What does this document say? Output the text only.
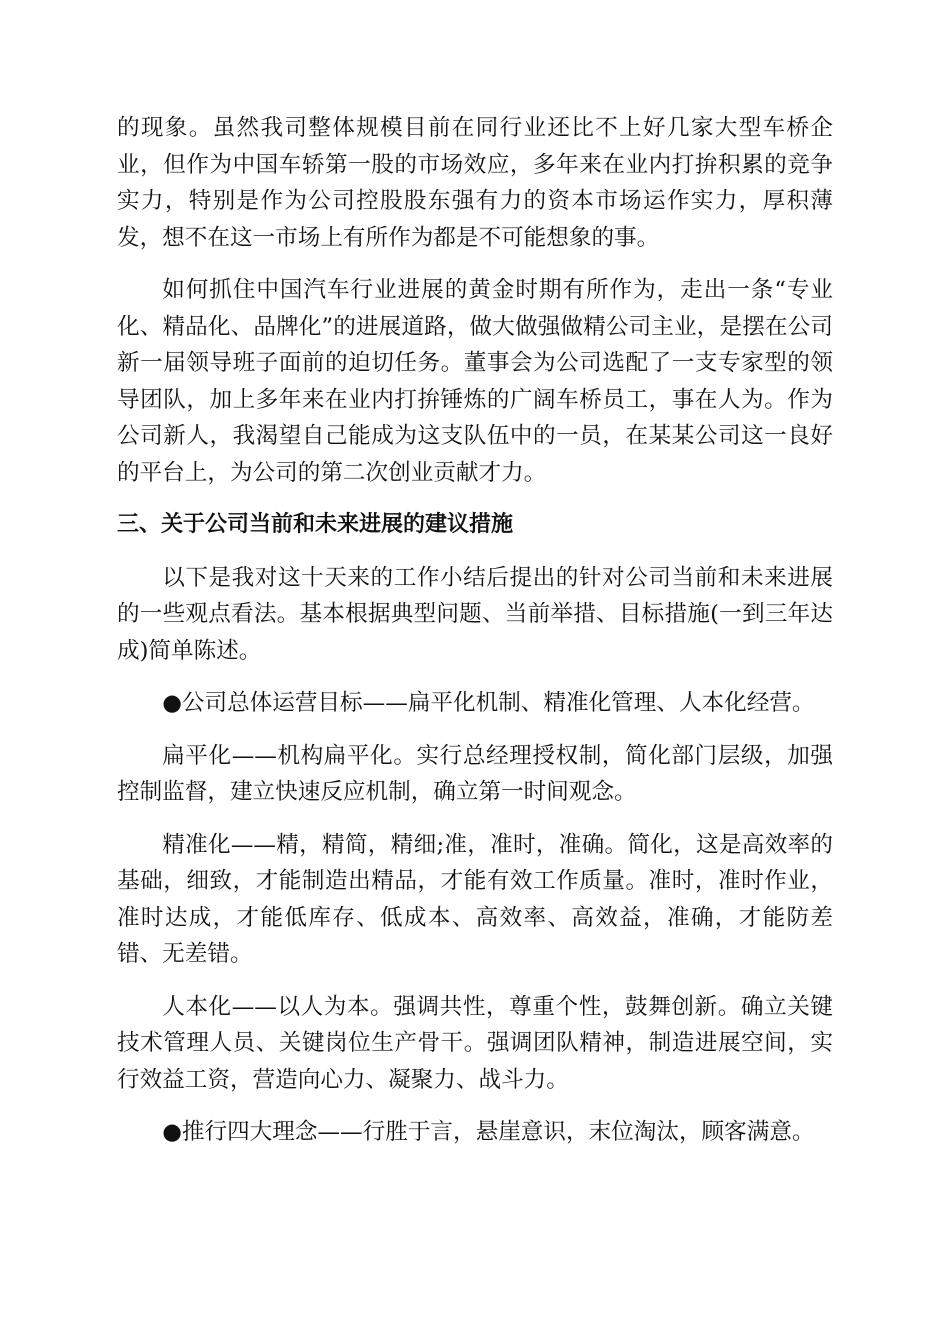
的现象。虽然我司整体规模目前在同行业还比不上好几家大型车桥企业，但作为中国车轿第一股的市场效应，多年来在业内打拚积累的竞争实力，特别是作为公司控股股东强有力的资本市场运作实力，厚积薄发，想不在这一市场上有所作为都是不可能想象的事。

如何抓住中国汽车行业进展的黄金时期有所作为，走出一条“专业化、精品化、品牌化”的进展道路，做大做强做精公司主业，是摆在公司新一届领导班子面前的迫切任务。董事会为公司选配了一支专家型的领导团队，加上多年来在业内打拚锤炼的广阔车桥员工，事在人为。作为公司新人，我渴望自己能成为这支队伍中的一员，在某某公司这一良好的平台上，为公司的第二次创业贡献才力。

三、关于公司当前和未来进展的建议措施

以下是我对这十天来的工作小结后提出的针对公司当前和未来进展的一些观点看法。基本根据典型问题、当前举措、目标措施(一到三年达成)简单陈述。

●公司总体运营目标——扁平化机制、精准化管理、人本化经营。

扁平化——机构扁平化。实行总经理授权制，简化部门层级，加强控制监督，建立快速反应机制，确立第一时间观念。

精准化——精，精简，精细;准，准时，准确。简化，这是高效率的基础，细致，才能制造出精品，才能有效工作质量。准时，准时作业，准时达成，才能低库存、低成本、高效率、高效益，准确，才能防差错、无差错。

人本化——以人为本。强调共性，尊重个性，鼓舞创新。确立关键技术管理人员、关键岗位生产骨干。强调团队精神，制造进展空间，实行效益工资，营造向心力、凝聚力、战斗力。

●推行四大理念——行胜于言，悬崖意识，末位淘汰，顾客满意。
